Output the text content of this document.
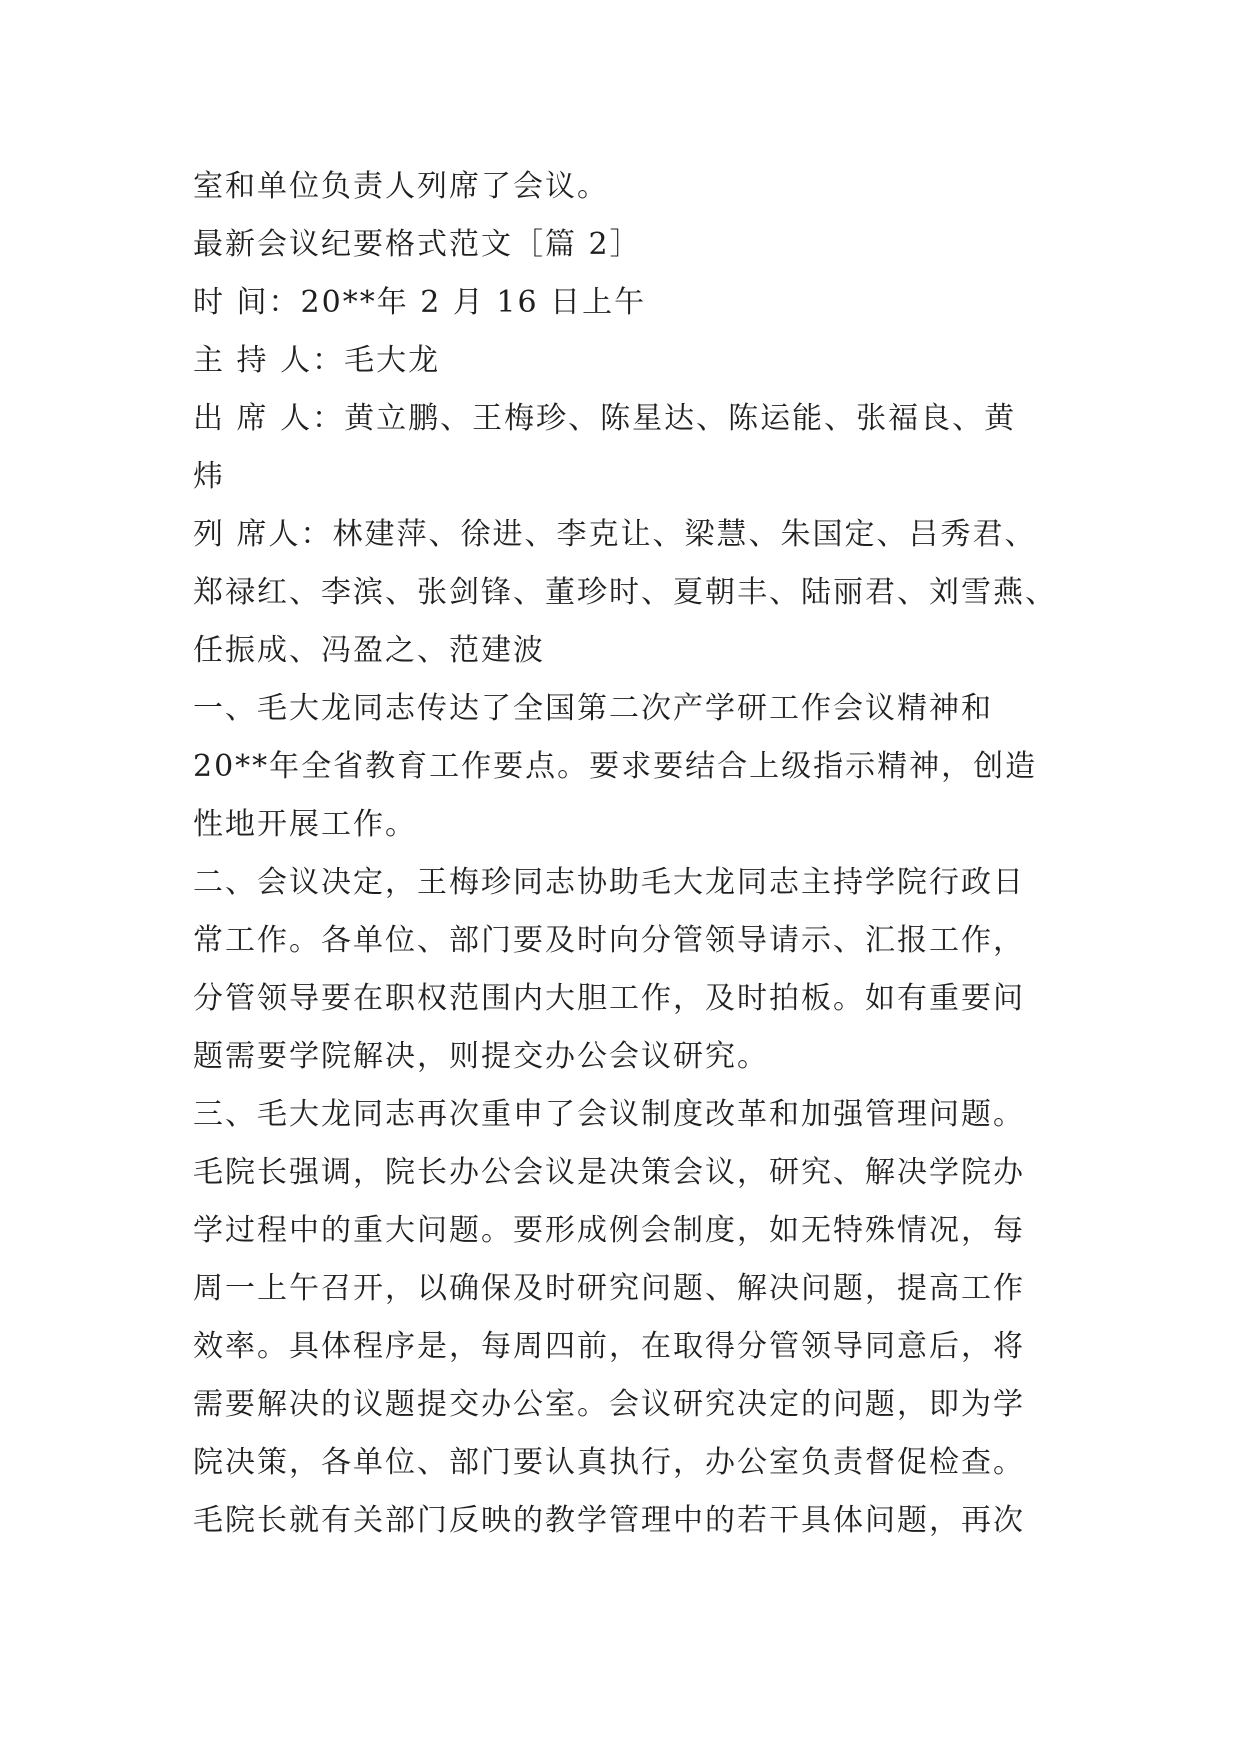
室和单位负责人列席了会议。
最新会议纪要格式范文［篇 2］
时 间：20**年 2 月 16 日上午
主 持 人：毛大龙
出 席 人：黄立鹏、王梅珍、陈星达、陈运能、张福良、黄
炜
列 席人：林建萍、徐进、李克让、梁慧、朱国定、吕秀君、
郑禄红、李滨、张剑锋、董珍时、夏朝丰、陆丽君、刘雪燕、
任振成、冯盈之、范建波
一、毛大龙同志传达了全国第二次产学研工作会议精神和
20**年全省教育工作要点。要求要结合上级指示精神，创造
性地开展工作。
二、会议决定，王梅珍同志协助毛大龙同志主持学院行政日
常工作。各单位、部门要及时向分管领导请示、汇报工作，
分管领导要在职权范围内大胆工作，及时拍板。如有重要问
题需要学院解决，则提交办公会议研究。
三、毛大龙同志再次重申了会议制度改革和加强管理问题。
毛院长强调，院长办公会议是决策会议，研究、解决学院办
学过程中的重大问题。要形成例会制度，如无特殊情况，每
周一上午召开，以确保及时研究问题、解决问题，提高工作
效率。具体程序是，每周四前，在取得分管领导同意后，将
需要解决的议题提交办公室。会议研究决定的问题，即为学
院决策，各单位、部门要认真执行，办公室负责督促检查。
毛院长就有关部门反映的教学管理中的若干具体问题，再次
